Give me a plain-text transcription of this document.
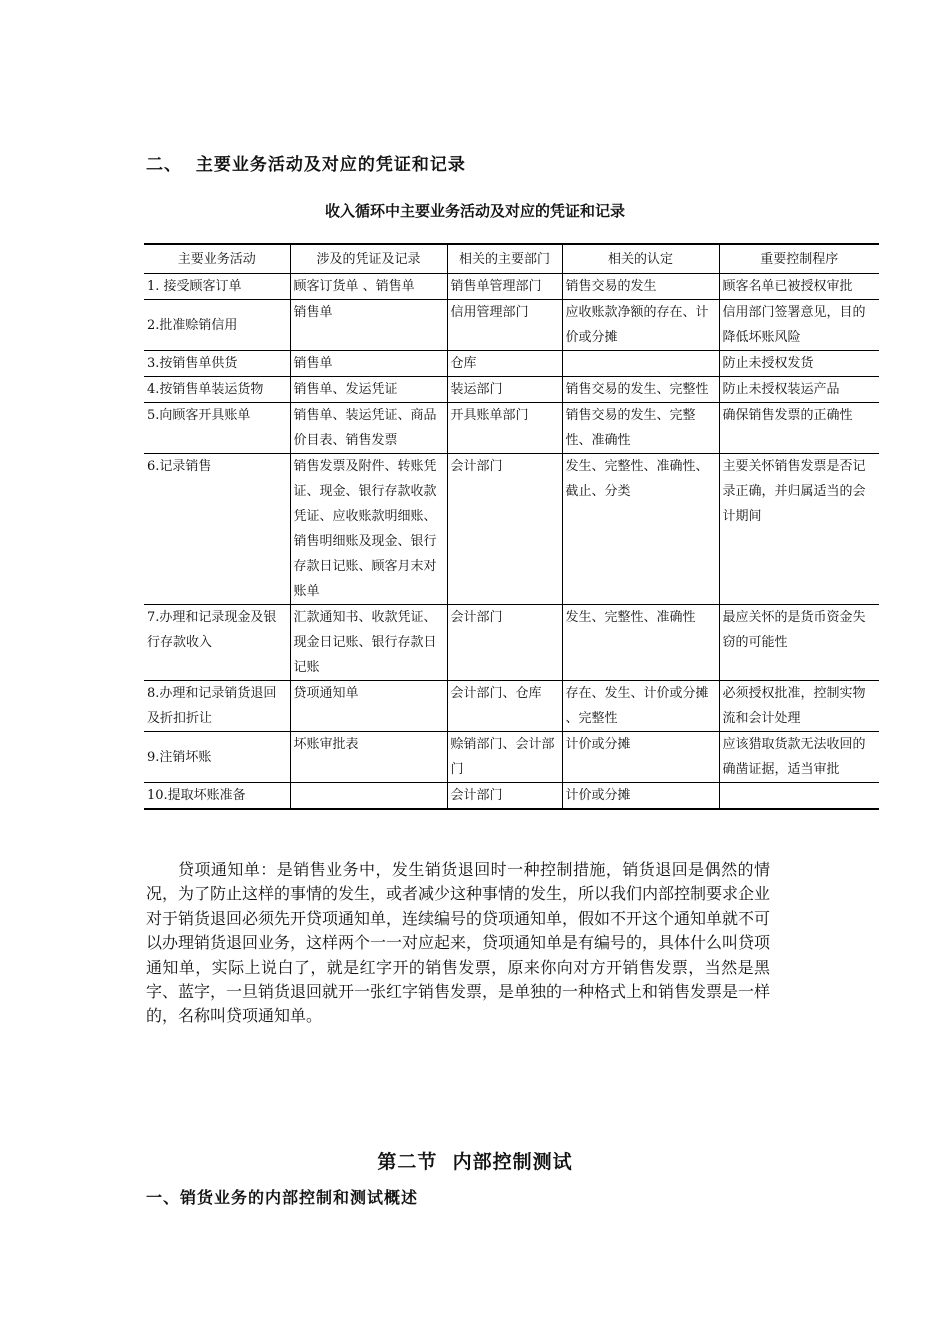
二、  主要业务活动及对应的凭证和记录
收入循环中主要业务活动及对应的凭证和记录
主要业务活动	涉及的凭证及记录	相关的主要部门	相关的认定	重要控制程序
1. 接受顾客订单	顾客订货单 、销售单	销售单管理部门	销售交易的发生	顾客名单已被授权审批
2.批准赊销信用	销售单	信用管理部门	应收账款净额的存在、计价或分摊	信用部门签署意见，目的降低坏账风险
3.按销售单供货	销售单	仓库		防止未授权发货
4.按销售单装运货物	销售单、发运凭证	装运部门	销售交易的发生、完整性	防止未授权装运产品
5.向顾客开具账单	销售单、装运凭证、商品价目表、销售发票	开具账单部门	销售交易的发生、完整性、准确性	确保销售发票的正确性
6.记录销售	销售发票及附件、转账凭证、现金、银行存款收款凭证、应收账款明细账、销售明细账及现金、银行存款日记账、顾客月末对账单	会计部门	发生、完整性、准确性、截止、分类	主要关怀销售发票是否记录正确，并归属适当的会计期间
7.办理和记录现金及银行存款收入	汇款通知书、收款凭证、现金日记账、银行存款日记账	会计部门	发生、完整性、准确性	最应关怀的是货币资金失窃的可能性
8.办理和记录销货退回及折扣折让	贷项通知单	会计部门、仓库	存在、发生、计价或分摊 、完整性	必须授权批准，控制实物流和会计处理
9.注销坏账	坏账审批表	赊销部门、会计部门	计价或分摊	应该猎取货款无法收回的确凿证据，适当审批
10.提取坏账准备		会计部门	计价或分摊	
贷项通知单：是销售业务中，发生销货退回时一种控制措施，销货退回是偶然的情况，为了防止这样的事情的发生，或者减少这种事情的发生，所以我们内部控制要求企业对于销货退回必须先开贷项通知单，连续编号的贷项通知单，假如不开这个通知单就不可以办理销货退回业务，这样两个一一对应起来，贷项通知单是有编号的，具体什么叫贷项通知单，实际上说白了，就是红字开的销售发票，原来你向对方开销售发票，当然是黑字、蓝字，一旦销货退回就开一张红字销售发票，是单独的一种格式上和销售发票是一样的，名称叫贷项通知单。
第二节  内部控制测试
一、销货业务的内部控制和测试概述
